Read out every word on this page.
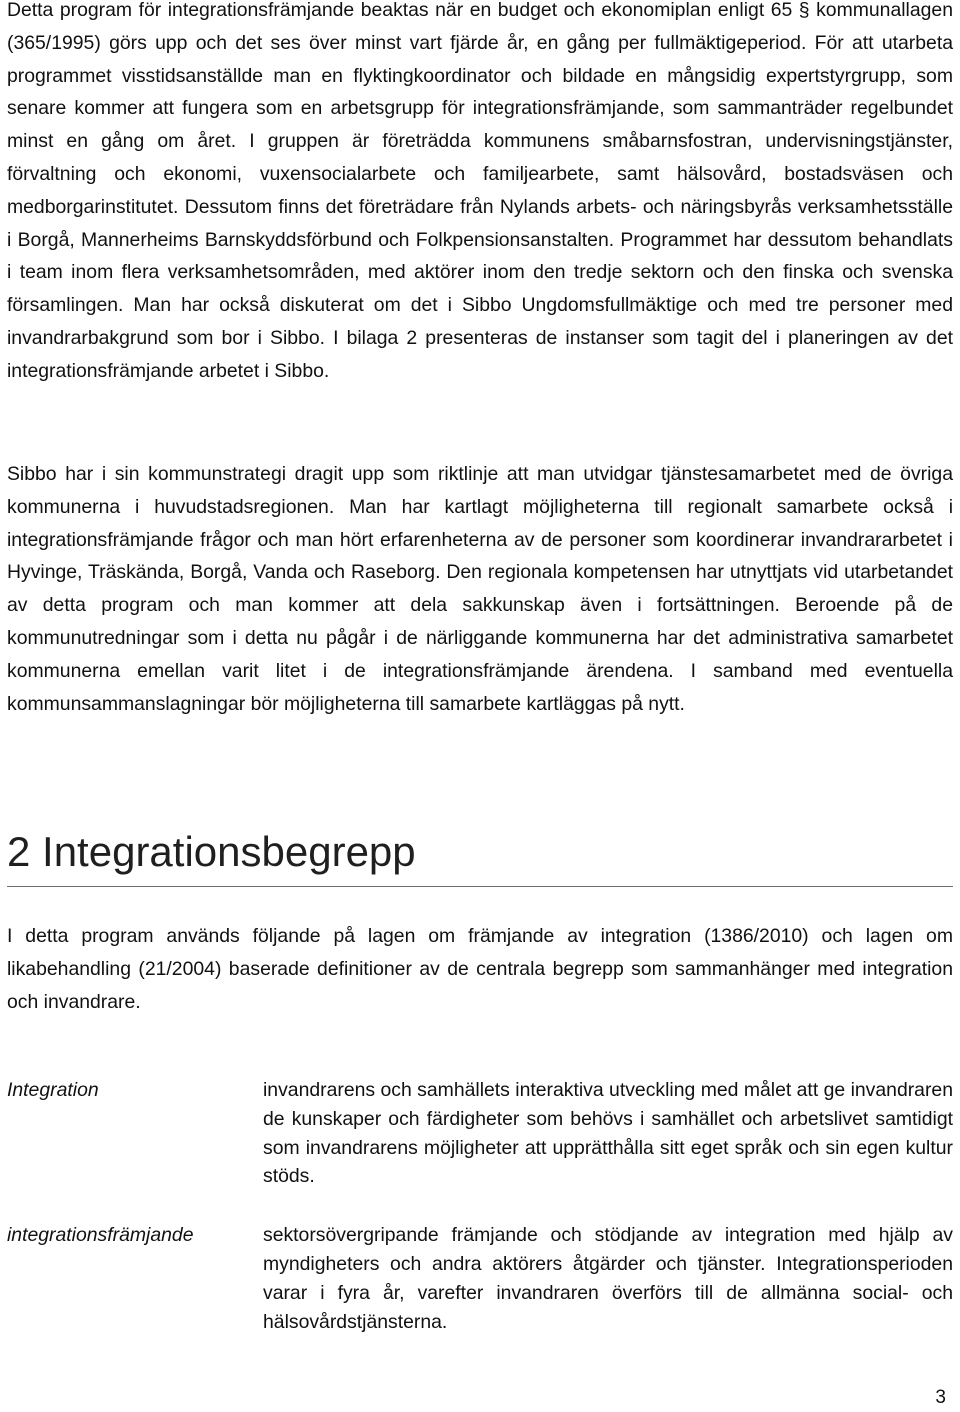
Detta program för integrationsfrämjande beaktas när en budget och ekonomiplan enligt 65 § kommunallagen (365/1995) görs upp och det ses över minst vart fjärde år, en gång per fullmäktigeperiod. För att utarbeta programmet visstidsanställde man en flyktingkoordinator och bildade en mångsidig expertstyrgrupp, som senare kommer att fungera som en arbetsgrupp för integrationsfrämjande, som sammanträder regelbundet minst en gång om året. I gruppen är företrädda kommunens småbarnsfostran, undervisningstjänster, förvaltning och ekonomi, vuxensocialarbete och familjearbete, samt hälsovård, bostadsväsen och medborgarinstitutet. Dessutom finns det företrädare från Nylands arbets- och näringsbyrås verksamhetsställe i Borgå, Mannerheims Barnskyddsförbund och Folkpensionsanstalten. Programmet har dessutom behandlats i team inom flera verksamhetsområden, med aktörer inom den tredje sektorn och den finska och svenska församlingen. Man har också diskuterat om det i Sibbo Ungdomsfullmäktige och med tre personer med invandrarbakgrund som bor i Sibbo. I bilaga 2 presenteras de instanser som tagit del i planeringen av det integrationsfrämjande arbetet i Sibbo.

Sibbo har i sin kommunstrategi dragit upp som riktlinje att man utvidgar tjänstesamarbetet med de övriga kommunerna i huvudstadsregionen. Man har kartlagt möjligheterna till regionalt samarbete också i integrationsfrämjande frågor och man hört erfarenheterna av de personer som koordinerar invandrararbetet i Hyvinge, Träskända, Borgå, Vanda och Raseborg. Den regionala kompetensen har utnyttjats vid utarbetandet av detta program och man kommer att dela sakkunskap även i fortsättningen. Beroende på de kommunutredningar som i detta nu pågår i de närliggande kommunerna har det administrativa samarbetet kommunerna emellan varit litet i de integrationsfrämjande ärendena. I samband med eventuella kommunsammanslagningar bör möjligheterna till samarbete kartläggas på nytt.

2 Integrationsbegrepp

I detta program används följande på lagen om främjande av integration (1386/2010) och lagen om likabehandling (21/2004) baserade definitioner av de centrala begrepp som sammanhänger med integration och invandrare.

Integration	invandrarens och samhällets interaktiva utveckling med målet att ge invandraren de kunskaper och färdigheter som behövs i samhället och arbetslivet samtidigt som invandrarens möjligheter att upprätthålla sitt eget språk och sin egen kultur stöds.
integrationsfrämjande	sektorsövergripande främjande och stödjande av integration med hjälp av myndigheters och andra aktörers åtgärder och tjänster. Integrationsperioden varar i fyra år, varefter invandraren överförs till de allmänna social- och hälsovårdstjänsterna.
3
